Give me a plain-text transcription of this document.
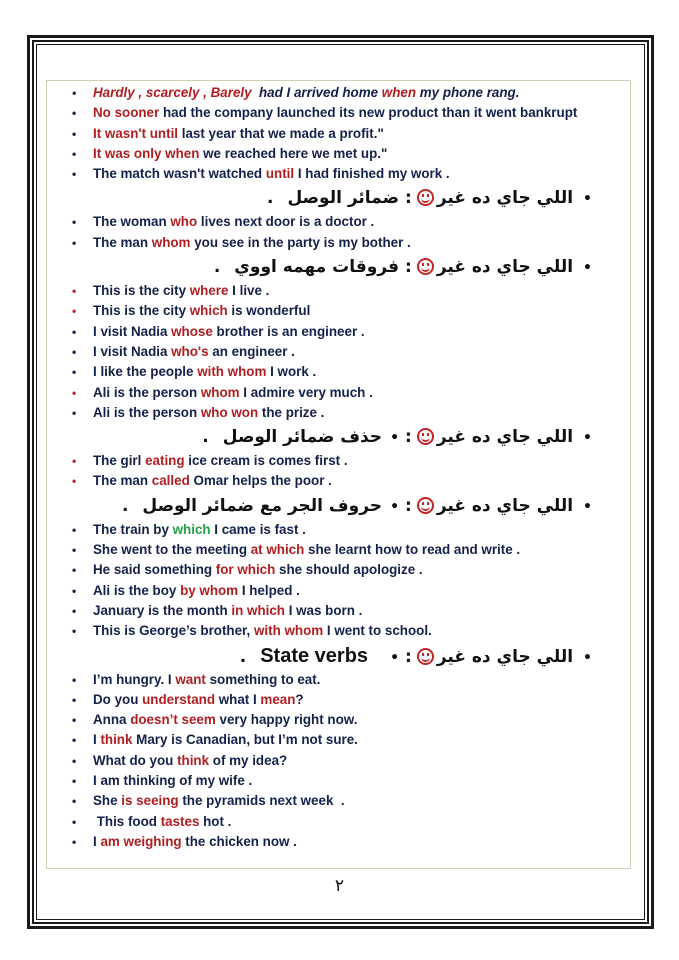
• Hardly , scarcely , Barely  had I arrived home when my phone rang.
• No sooner had the company launched its new product than it went bankrupt
• It wasn't until last year that we made a profit."
• It was only when we reached here we met up."
• The match wasn't watched until I had finished my work .
•اللي جاي ده غير:ضمائر الوصل.
• The woman who lives next door is a doctor .
• The man whom you see in the party is my bother .
•اللي جاي ده غير:فروقات مهمه اووي.
• This is the city where I live .
• This is the city which is wonderful
• I visit Nadia whose brother is an engineer .
• I visit Nadia who's an engineer .
• I like the people with whom I work .
• Ali is the person whom I admire very much .
• Ali is the person who won the prize .
•اللي جاي ده غير:•حذف ضمائر الوصل.
• The girl eating ice cream is comes first .
• The man called Omar helps the poor .
•اللي جاي ده غير:•حروف الجر مع ضمائر الوصل.
• The train by which I came is fast .
• She went to the meeting at which she learnt how to read and write .
• He said something for which she should apologize .
• Ali is the boy by whom I helped .
• January is the month in which I was born .
• This is George’s brother, with whom I went to school.
•اللي جاي ده غير:•State verbs.
• I’m hungry. I want something to eat.
• Do you understand what I mean?
• Anna doesn’t seem very happy right now.
• I think Mary is Canadian, but I’m not sure.
• What do you think of my idea?
• I am thinking of my wife .
• She is seeing the pyramids next week  .
• This food tastes hot .
• I am weighing the chicken now .
٢
